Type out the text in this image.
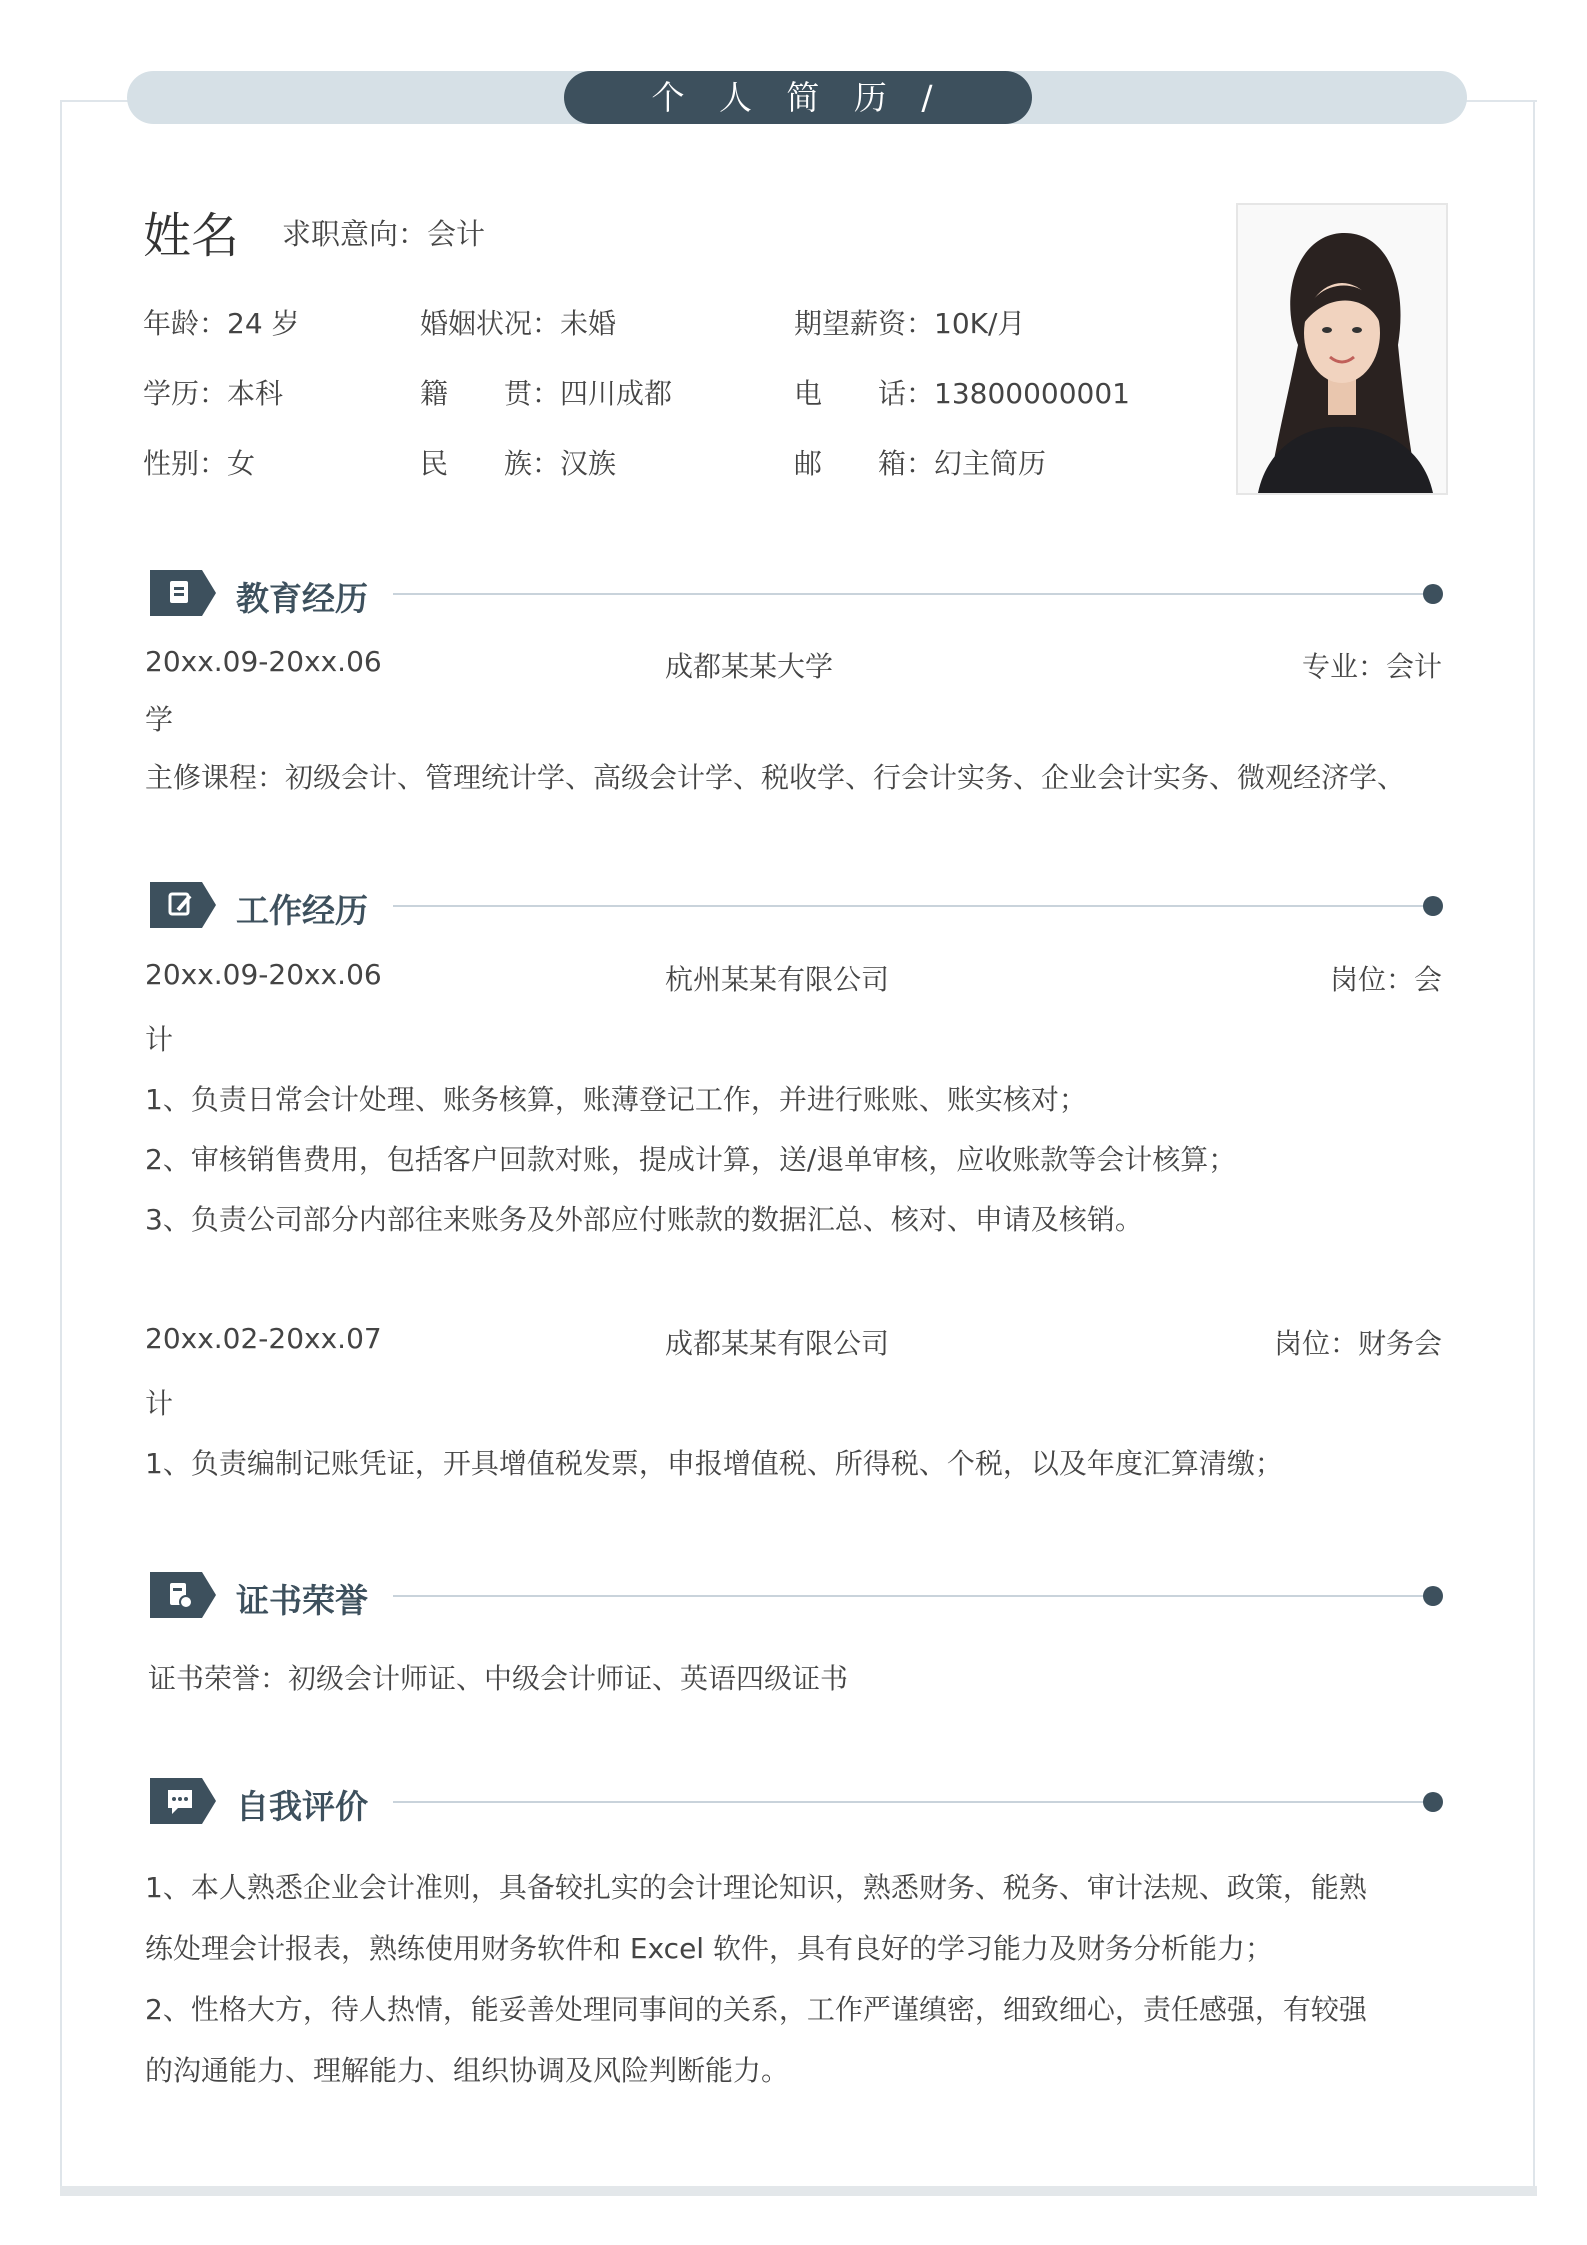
个 人 简 历 / RESUME
姓名 求职意向：会计
年龄：24 岁	婚姻状况：未婚	期望薪资：10K/月
学历：本科	籍　　贯：四川成都	电　　话：13800000001
性别：女	民　　族：汉族	邮　　箱：幻主简历
教育经历
20xx.09-20xx.06	成都某某大学	专业：会计
学
主修课程：初级会计、管理统计学、高级会计学、税收学、行会计实务、企业会计实务、微观经济学、
工作经历
20xx.09-20xx.06	杭州某某有限公司	岗位：会
计
1、负责日常会计处理、账务核算，账薄登记工作，并进行账账、账实核对；
2、审核销售费用，包括客户回款对账，提成计算，送/退单审核，应收账款等会计核算；
3、负责公司部分内部往来账务及外部应付账款的数据汇总、核对、申请及核销。
20xx.02-20xx.07	成都某某有限公司	岗位：财务会
计
1、负责编制记账凭证，开具增值税发票，申报增值税、所得税、个税，以及年度汇算清缴；
证书荣誉
证书荣誉：初级会计师证、中级会计师证、英语四级证书
自我评价
1、本人熟悉企业会计准则，具备较扎实的会计理论知识，熟悉财务、税务、审计法规、政策，能熟
练处理会计报表，熟练使用财务软件和 Excel 软件，具有良好的学习能力及财务分析能力；
2、性格大方，待人热情，能妥善处理同事间的关系，工作严谨缜密，细致细心，责任感强，有较强
的沟通能力、理解能力、组织协调及风险判断能力。
